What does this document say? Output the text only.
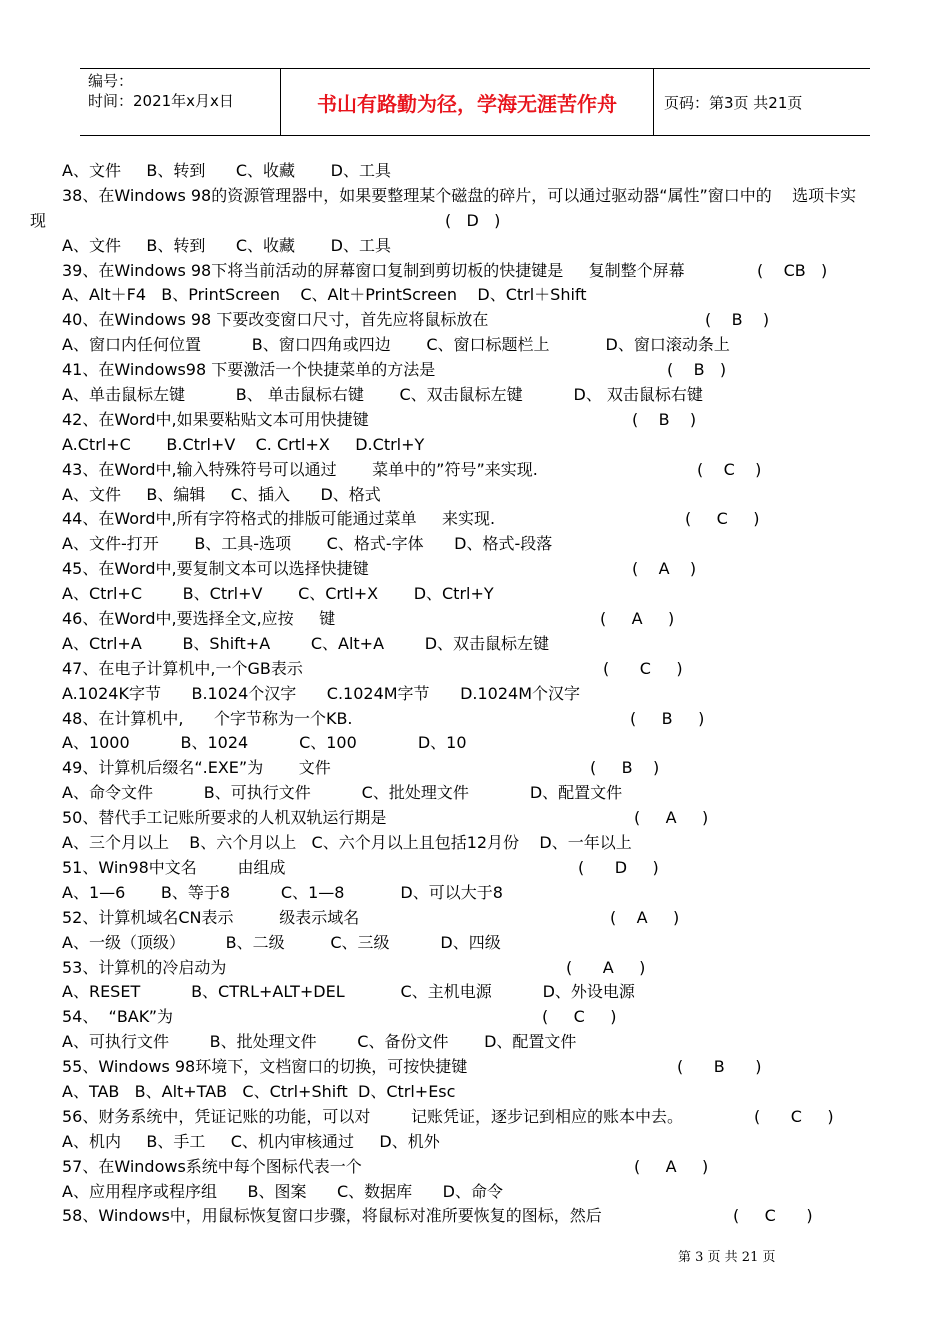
编号：
时间：2021年x月x日	书山有路勤为径，学海无涯苦作舟	页码：第3页 共21页
A、文件     B、转到      C、收藏       D、工具
38、在Windows 98的资源管理器中，如果要整理某个磁盘的碎片，可以通过驱动器“属性”窗口中的    选项卡实
现	(   D   )
A、文件     B、转到      C、收藏       D、工具
39、在Windows 98下将当前活动的屏幕窗口复制到剪切板的快捷键是     复制整个屏幕	(    CB   )
A、Alt＋F4   B、PrintScreen    C、Alt＋PrintScreen    D、Ctrl＋Shift
40、在Windows 98 下要改变窗口尺寸，首先应将鼠标放在	(    B    )
A、窗口内任何位置          B、窗口四角或四边       C、窗口标题栏上           D、窗口滚动条上
41、在Windows98 下要激活一个快捷菜单的方法是	(    B   )
A、单击鼠标左键          B、 单击鼠标右键       C、双击鼠标左键          D、 双击鼠标右键
42、在Word中,如果要粘贴文本可用快捷键	(    B    )
A.Ctrl+C       B.Ctrl+V    C. Crtl+X     D.Ctrl+Y
43、在Word中,输入特殊符号可以通过       菜单中的”符号”来实现.	(    C    )
A、文件     B、编辑     C、插入      D、格式
44、在Word中,所有字符格式的排版可能通过菜单     来实现.	(     C     )
A、文件-打开       B、工具-选项       C、格式-字体      D、格式-段落
45、在Word中,要复制文本可以选择快捷键	(    A    )
A、Ctrl+C        B、Ctrl+V       C、Crtl+X       D、Ctrl+Y
46、在Word中,要选择全文,应按     键	(     A     )
A、Ctrl+A        B、Shift+A        C、Alt+A        D、双击鼠标左键
47、在电子计算机中,一个GB表示	(      C     )
A.1024K字节      B.1024个汉字      C.1024M字节      D.1024M个汉字
48、在计算机中,      个字节称为一个KB.	(     B     )
A、1000          B、1024          C、100            D、10
49、计算机后缀名“.EXE”为       文件	(     B    )
A、命令文件          B、可执行文件          C、批处理文件            D、配置文件
50、替代手工记账所要求的人机双轨运行期是	(     A     )
A、三个月以上    B、六个月以上   C、六个月以上且包括12月份    D、一年以上
51、Win98中文名        由组成	(      D     )
A、1—6       B、等于8          C、1—8           D、可以大于8
52、计算机域名CN表示         级表示域名	(    A     )
A、一级（顶级）        B、二级         C、三级          D、四级
53、计算机的冷启动为	(      A     )
A、RESET          B、CTRL+ALT+DEL           C、主机电源          D、外设电源
54、  “BAK”为	(     C     )
A、可执行文件        B、批处理文件        C、备份文件       D、配置文件
55、Windows 98环境下，文档窗口的切换，可按快捷键	(      B      )
A、TAB   B、Alt+TAB   C、Ctrl+Shift  D、Ctrl+Esc
56、财务系统中，凭证记账的功能，可以对        记账凭证，逐步记到相应的账本中去。	(      C     )
A、机内     B、手工     C、机内审核通过     D、机外
57、在Windows系统中每个图标代表一个	(     A     )
A、应用程序或程序组      B、图案      C、数据库      D、命令
58、Windows中，用鼠标恢复窗口步骤，将鼠标对准所要恢复的图标，然后	(     C      )
第 3 页 共 21 页
